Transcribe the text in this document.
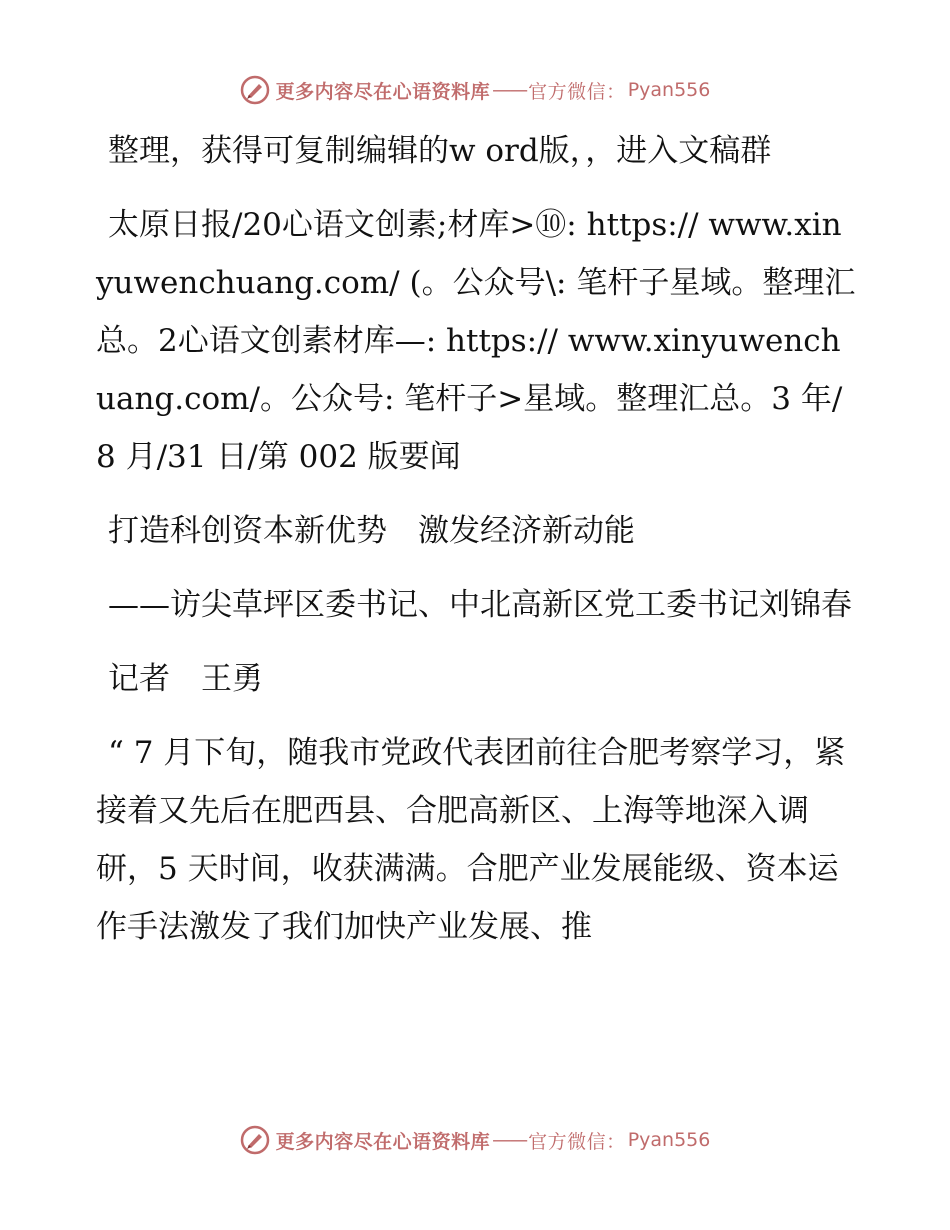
更多内容尽在心语资料库 —— 官方微信： Pyan556

整理，获得可复制编辑的w ord版，，进入文稿群

太原日报/20心语文创素;材库>⑩: https:// www.xinyuwenchuang.com/ (。公众号\: 笔杆子星域。整理汇总。2心语文创素材库—: https:// www.xinyuwenchuang.com/。公众号: 笔杆子>星域。整理汇总。3 年/8 月/31 日/第 002 版要闻

打造科创资本新优势　激发经济新动能

——访尖草坪区委书记、中北高新区党工委书记刘锦春

记者　王勇

“ 7 月下旬，随我市党政代表团前往合肥考察学习，紧接着又先后在肥西县、合肥高新区、上海等地深入调研，5 天时间，收获满满。合肥产业发展能级、资本运作手法激发了我们加快产业发展、推

更多内容尽在心语资料库 —— 官方微信： Pyan556
